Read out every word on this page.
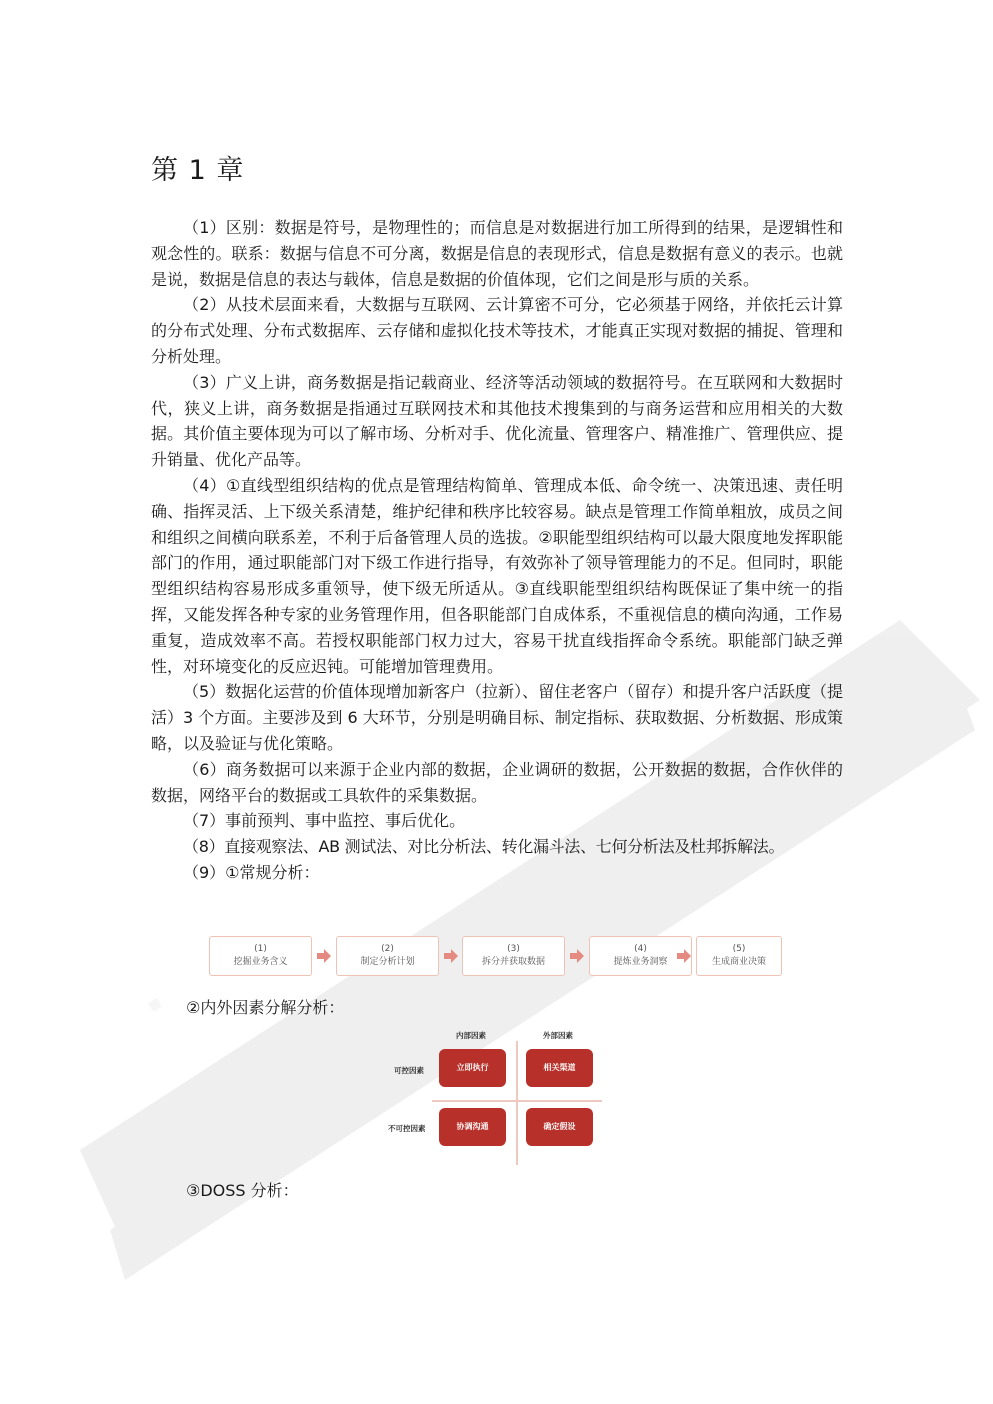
第 1 章

（1）区别：数据是符号，是物理性的；而信息是对数据进行加工所得到的结果，是逻辑性和观念性的。联系：数据与信息不可分离，数据是信息的表现形式，信息是数据有意义的表示。也就是说，数据是信息的表达与载体，信息是数据的价值体现，它们之间是形与质的关系。

（2）从技术层面来看，大数据与互联网、云计算密不可分，它必须基于网络，并依托云计算的分布式处理、分布式数据库、云存储和虚拟化技术等技术，才能真正实现对数据的捕捉、管理和分析处理。

（3）广义上讲，商务数据是指记载商业、经济等活动领域的数据符号。在互联网和大数据时代，狭义上讲，商务数据是指通过互联网技术和其他技术搜集到的与商务运营和应用相关的大数据。其价值主要体现为可以了解市场、分析对手、优化流量、管理客户、精准推广、管理供应、提升销量、优化产品等。

（4）①直线型组织结构的优点是管理结构简单、管理成本低、命令统一、决策迅速、责任明确、指挥灵活、上下级关系清楚，维护纪律和秩序比较容易。缺点是管理工作简单粗放，成员之间和组织之间横向联系差，不利于后备管理人员的选拔。②职能型组织结构可以最大限度地发挥职能部门的作用，通过职能部门对下级工作进行指导，有效弥补了领导管理能力的不足。但同时，职能型组织结构容易形成多重领导，使下级无所适从。③直线职能型组织结构既保证了集中统一的指挥，又能发挥各种专家的业务管理作用，但各职能部门自成体系，不重视信息的横向沟通，工作易重复，造成效率不高。若授权职能部门权力过大，容易干扰直线指挥命令系统。职能部门缺乏弹性，对环境变化的反应迟钝。可能增加管理费用。

（5）数据化运营的价值体现增加新客户（拉新）、留住老客户（留存）和提升客户活跃度（提活）3 个方面。主要涉及到 6 大环节，分别是明确目标、制定指标、获取数据、分析数据、形成策略，以及验证与优化策略。

（6）商务数据可以来源于企业内部的数据，企业调研的数据，公开数据的数据，合作伙伴的数据，网络平台的数据或工具软件的采集数据。

（7）事前预判、事中监控、事后优化。

（8）直接观察法、AB 测试法、对比分析法、转化漏斗法、七何分析法及杜邦拆解法。

（9）①常规分析：

(1)
挖掘业务含义
(2)
制定分析计划
(3)
拆分并获取数据
(4)
提炼业务洞察
(5)
生成商业决策
②内外因素分解分析：
内部因素	外部因素
可控因素
不可控因素
立即执行	相关渠道
协调沟通	确定假设
③DOSS 分析：
